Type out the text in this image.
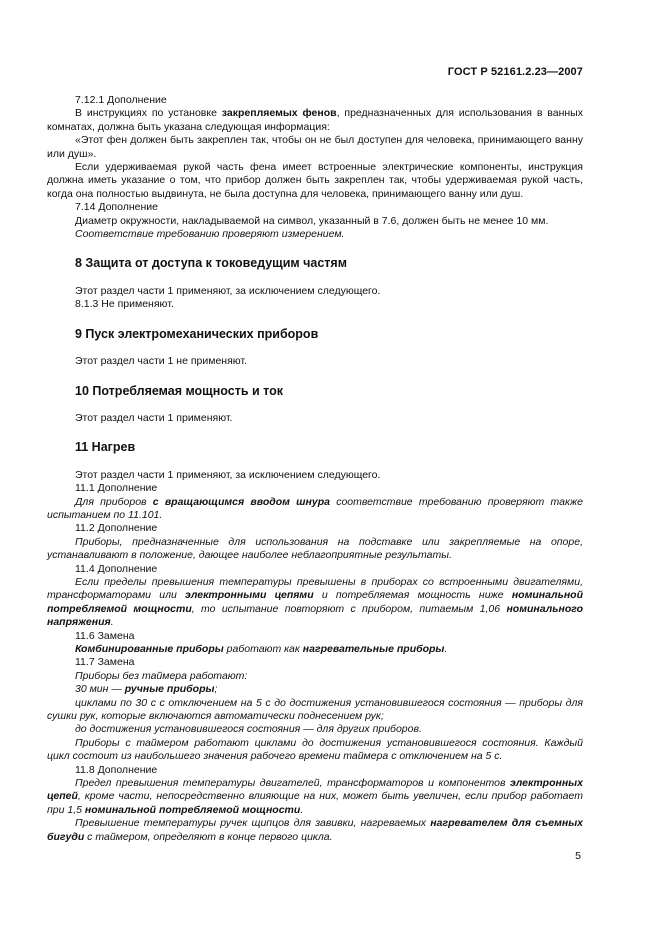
ГОСТ Р 52161.2.23—2007

7.12.1 Дополнение

В инструкциях по установке закрепляемых фенов, предназначенных для использования в ванных комнатах, должна быть указана следующая информация:

«Этот фен должен быть закреплен так, чтобы он не был доступен для человека, принимающего ванну или душ».

Если удерживаемая рукой часть фена имеет встроенные электрические компоненты, инструкция должна иметь указание о том, что прибор должен быть закреплен так, чтобы удерживаемая рукой часть, когда она полностью выдвинута, не была доступна для человека, принимающего ванну или душ.

7.14 Дополнение

Диаметр окружности, накладываемой на символ, указанный в 7.6, должен быть не менее 10 мм.

Соответствие требованию проверяют измерением.

8 Защита от доступа к токоведущим частям

Этот раздел части 1 применяют, за исключением следующего.

8.1.3 Не применяют.

9 Пуск электромеханических приборов

Этот раздел части 1 не применяют.

10 Потребляемая мощность и ток

Этот раздел части 1 применяют.

11 Нагрев

Этот раздел части 1 применяют, за исключением следующего.

11.1 Дополнение

Для приборов с вращающимся вводом шнура соответствие требованию проверяют также испытанием по 11.101.

11.2 Дополнение

Приборы, предназначенные для использования на подставке или закрепляемые на опоре, устанавливают в положение, дающее наиболее неблагоприятные результаты.

11.4 Дополнение

Если пределы превышения температуры превышены в приборах со встроенными двигателями, трансформаторами или электронными цепями и потребляемая мощность ниже номинальной потребляемой мощности, то испытание повторяют с прибором, питаемым 1,06 номинального напряжения.

11.6 Замена

Комбинированные приборы работают как нагревательные приборы.

11.7 Замена

Приборы без таймера работают:

30 мин — ручные приборы;

циклами по 30 с с отключением на 5 с до достижения установившегося состояния — приборы для сушки рук, которые включаются автоматически поднесением рук;

до достижения установившегося состояния — для других приборов.

Приборы с таймером работают циклами до достижения установившегося состояния. Каждый цикл состоит из наибольшего значения рабочего времени таймера с отключением на 5 с.

11.8 Дополнение

Предел превышения температуры двигателей, трансформаторов и компонентов электронных цепей, кроме части, непосредственно влияющие на них, может быть увеличен, если прибор работает при 1,5 номинальной потребляемой мощности.

Превышение температуры ручек щипцов для завивки, нагреваемых нагревателем для съемных бигуди с таймером, определяют в конце первого цикла.

5
